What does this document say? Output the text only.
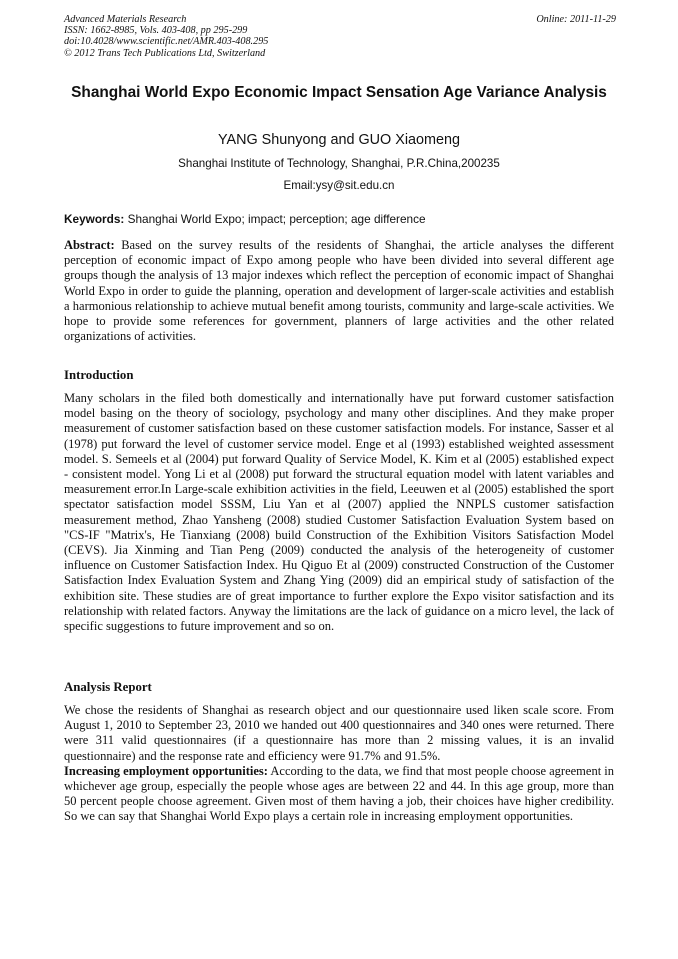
Advanced Materials Research
ISSN: 1662-8985, Vols. 403-408, pp 295-299
doi:10.4028/www.scientific.net/AMR.403-408.295
© 2012 Trans Tech Publications Ltd, Switzerland
Online: 2011-11-29
Shanghai World Expo Economic Impact Sensation Age Variance Analysis
YANG Shunyong and GUO Xiaomeng
Shanghai Institute of Technology, Shanghai, P.R.China,200235
Email:ysy@sit.edu.cn
Keywords: Shanghai World Expo; impact; perception; age difference

Abstract: Based on the survey results of the residents of Shanghai, the article analyses the different perception of economic impact of Expo among people who have been divided into several different age groups though the analysis of 13 major indexes which reflect the perception of economic impact of Shanghai World Expo in order to guide the planning, operation and development of larger-scale activities and establish a harmonious relationship to achieve mutual benefit among tourists, community and large-scale activities. We hope to provide some references for government, planners of large activities and the other related organizations of activities.

Introduction

Many scholars in the filed both domestically and internationally have put forward customer satisfaction model basing on the theory of sociology, psychology and many other disciplines. And they make proper measurement of customer satisfaction based on these customer satisfaction models. For instance, Sasser et al (1978) put forward the level of customer service model. Enge et al (1993) established weighted assessment model. S. Semeels et al (2004) put forward Quality of Service Model, K. Kim et al (2005) established expect - consistent model. Yong Li et al (2008) put forward the structural equation model with latent variables and measurement error.In Large-scale exhibition activities in the field, Leeuwen et al (2005) established the sport spectator satisfaction model SSSM, Liu Yan et al (2007) applied the NNPLS customer satisfaction measurement method, Zhao Yansheng (2008) studied Customer Satisfaction Evaluation System based on "CS-IF "Matrix's, He Tianxiang (2008) build Construction of the Exhibition Visitors Satisfaction Model (CEVS). Jia Xinming and Tian Peng (2009) conducted the analysis of the heterogeneity of customer influence on Customer Satisfaction Index. Hu Qiguo Et al (2009) constructed Construction of the Customer Satisfaction Index Evaluation System and Zhang Ying (2009) did an empirical study of satisfaction of the exhibition site. These studies are of great importance to further explore the Expo visitor satisfaction and its relationship with related factors. Anyway the limitations are the lack of guidance on a micro level, the lack of specific suggestions to future improvement and so on.

Analysis Report

We chose the residents of Shanghai as research object and our questionnaire used liken scale score. From August 1, 2010 to September 23, 2010 we handed out 400 questionnaires and 340 ones were returned. There were 311 valid questionnaires (if a questionnaire has more than 2 missing values, it is an invalid questionnaire) and the response rate and efficiency were 91.7% and 91.5%.
Increasing employment opportunities: According to the data, we find that most people choose agreement in whichever age group, especially the people whose ages are between 22 and 44. In this age group, more than 50 percent people choose agreement. Given most of them having a job, their choices have higher credibility. So we can say that Shanghai World Expo plays a certain role in increasing employment opportunities.
